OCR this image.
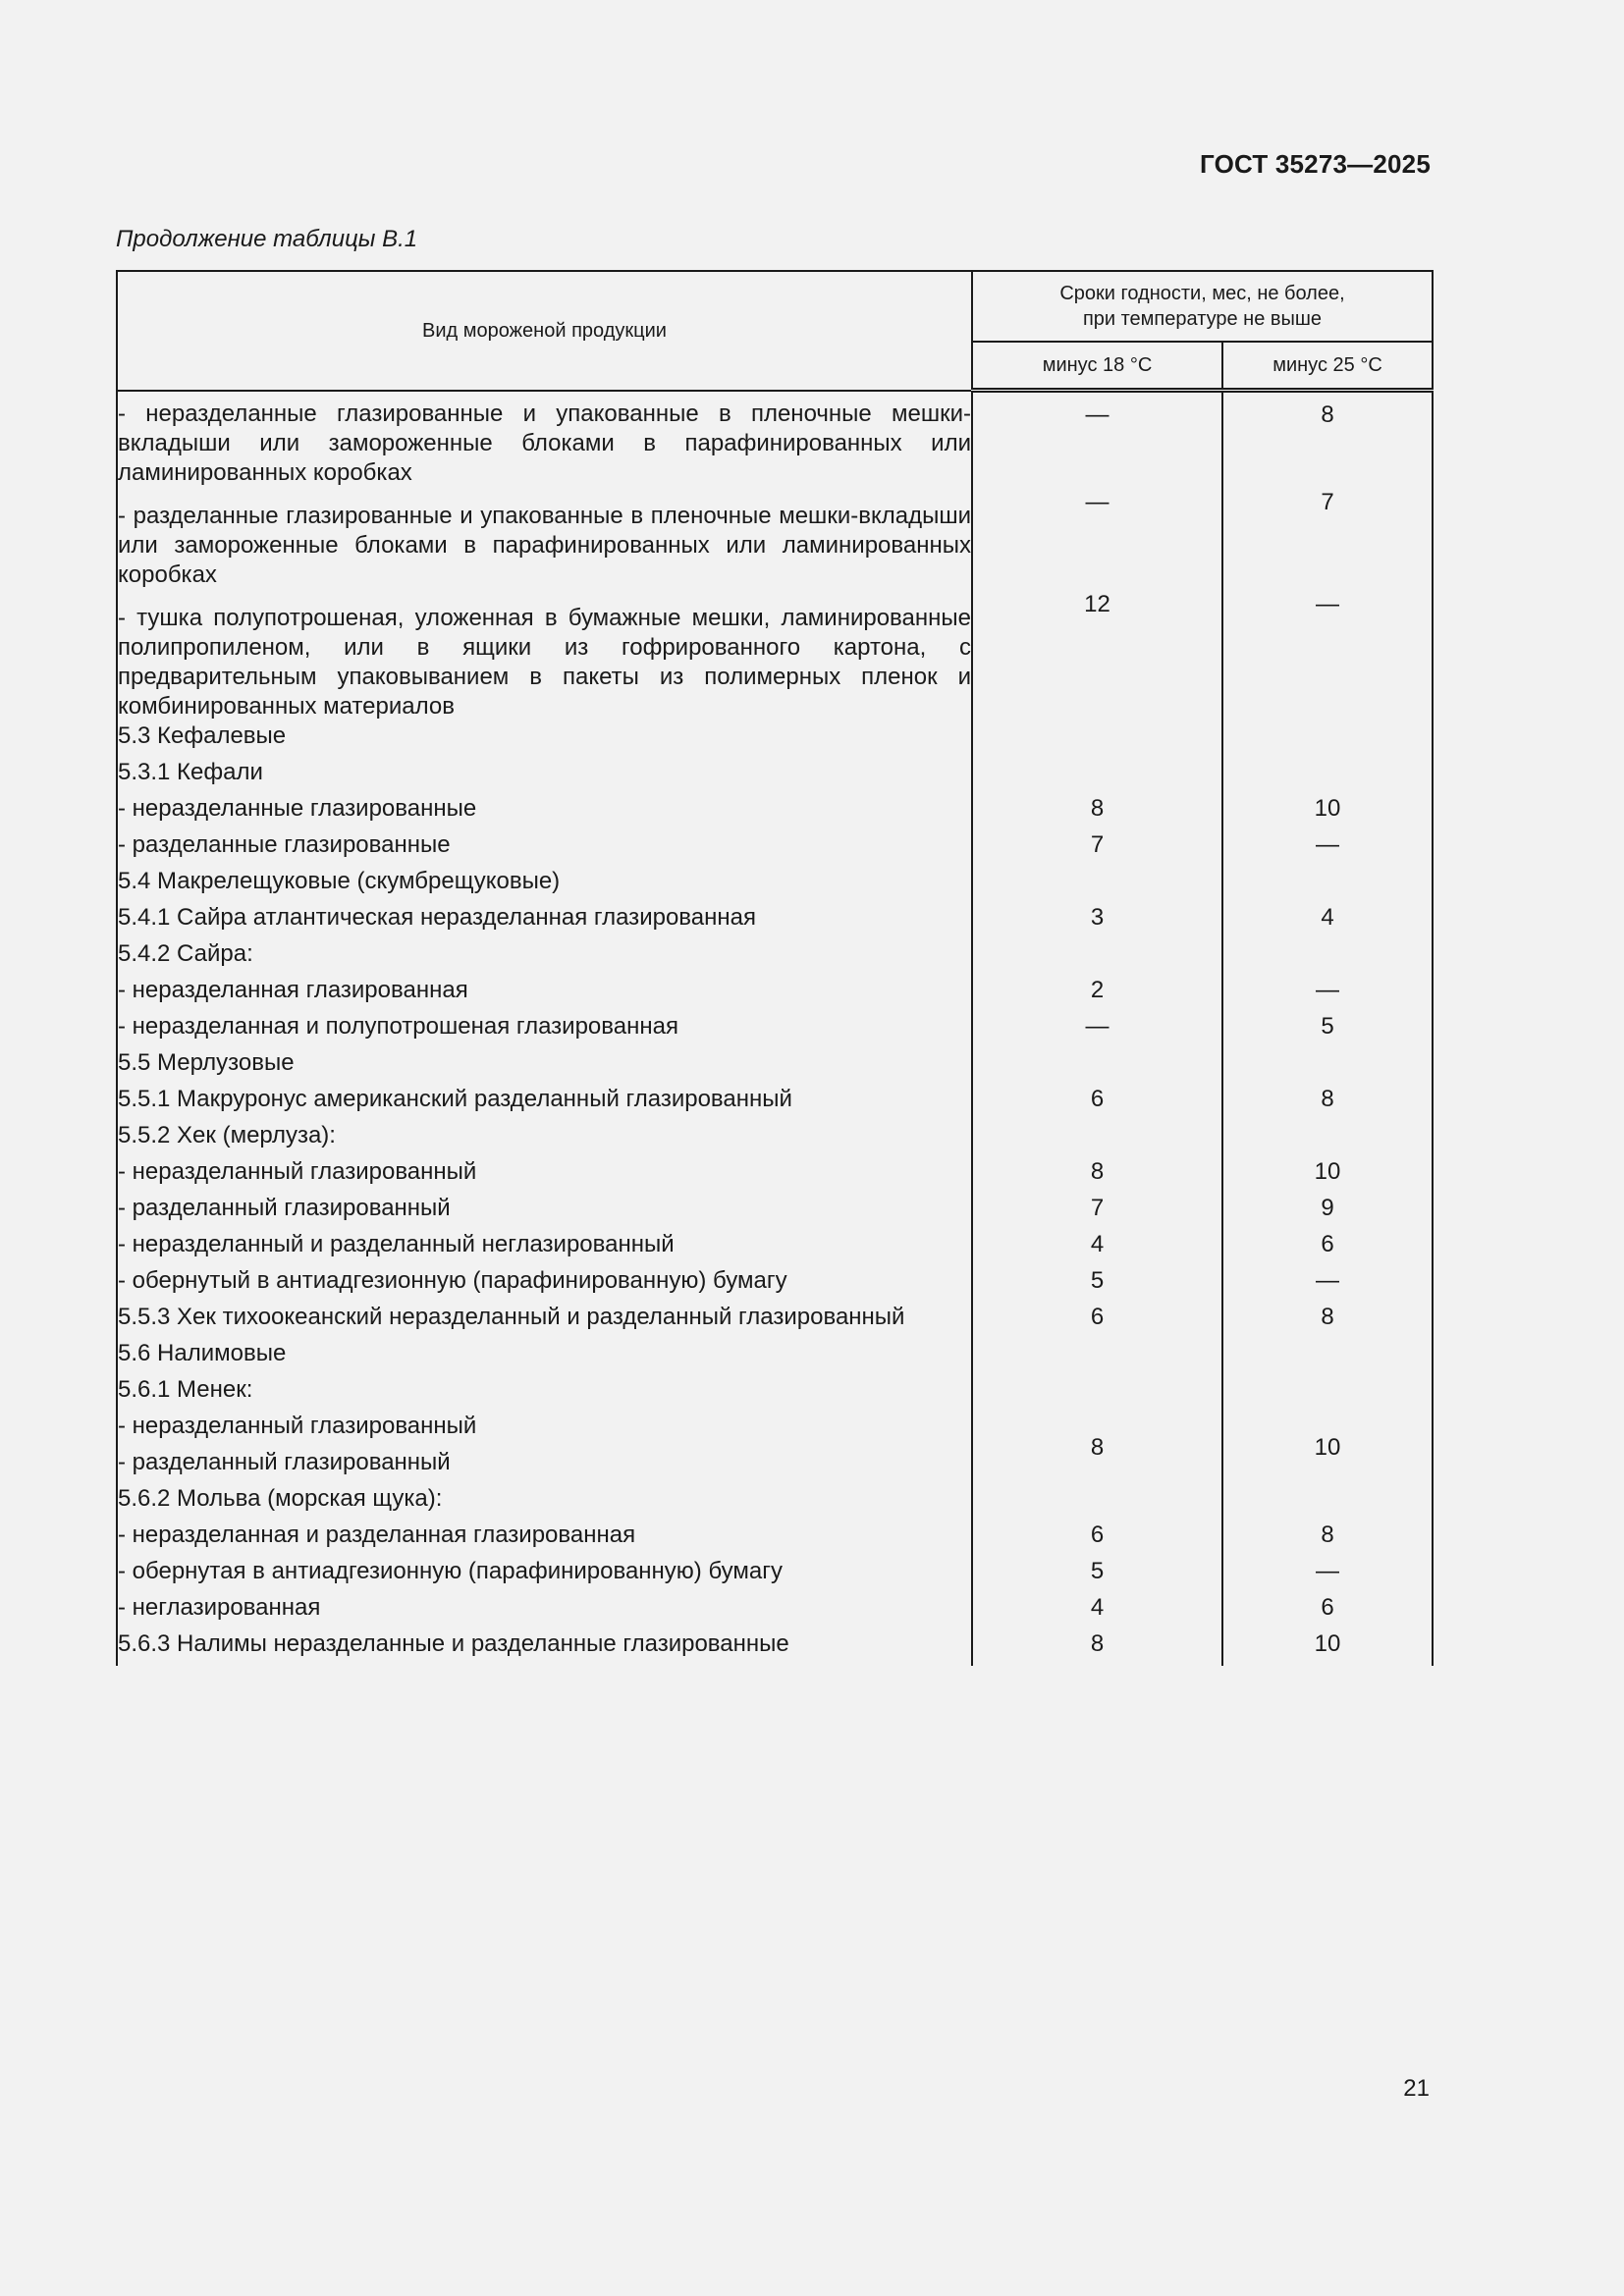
ГОСТ 35273—2025
Продолжение таблицы В.1
Вид мороженой продукции	Сроки годности, мес, не более,
при температуре не выше	
	минус 18 °С	минус 25 °С
- неразделанные глазированные и упакованные в пленочные мешки-вкладыши или замороженные блоками в парафинированных или ламинированных коробках	—	8
- разделанные глазированные и упакованные в пленочные мешки-вкладыши или замороженные блоками в парафинированных или ламинированных коробках	—	7
- тушка полупотрошеная, уложенная в бумажные мешки, ламинированные полипропиленом, или в ящики из гофрированного картона, с предварительным упаковыванием в пакеты из полимерных пленок и комбинированных материалов	12	—
5.3 Кефалевые		
5.3.1 Кефали		
- неразделанные глазированные	8	10
- разделанные глазированные	7	—
5.4 Макрелещуковые (скумбрещуковые)		
5.4.1 Сайра атлантическая неразделанная глазированная	3	4
5.4.2 Сайра:		
- неразделанная глазированная	2	—
- неразделанная и полупотрошеная глазированная	—	5
5.5 Мерлузовые		
5.5.1 Макруронус американский разделанный глазированный	6	8
5.5.2 Хек (мерлуза):		
- неразделанный глазированный	8	10
- разделанный глазированный	7	9
- неразделанный и разделанный неглазированный	4	6
- обернутый в антиадгезионную (парафинированную) бумагу	5	—
5.5.3 Хек тихоокеанский неразделанный и разделанный глазированный	6	8
5.6 Налимовые		
5.6.1 Менек:		
- неразделанный глазированный	8	10
- разделанный глазированный		
5.6.2 Мольва (морская щука):		
- неразделанная и разделанная глазированная	6	8
- обернутая в антиадгезионную (парафинированную) бумагу	5	—
- неглазированная	4	6
5.6.3 Налимы неразделанные и разделанные глазированные	8	10
21
